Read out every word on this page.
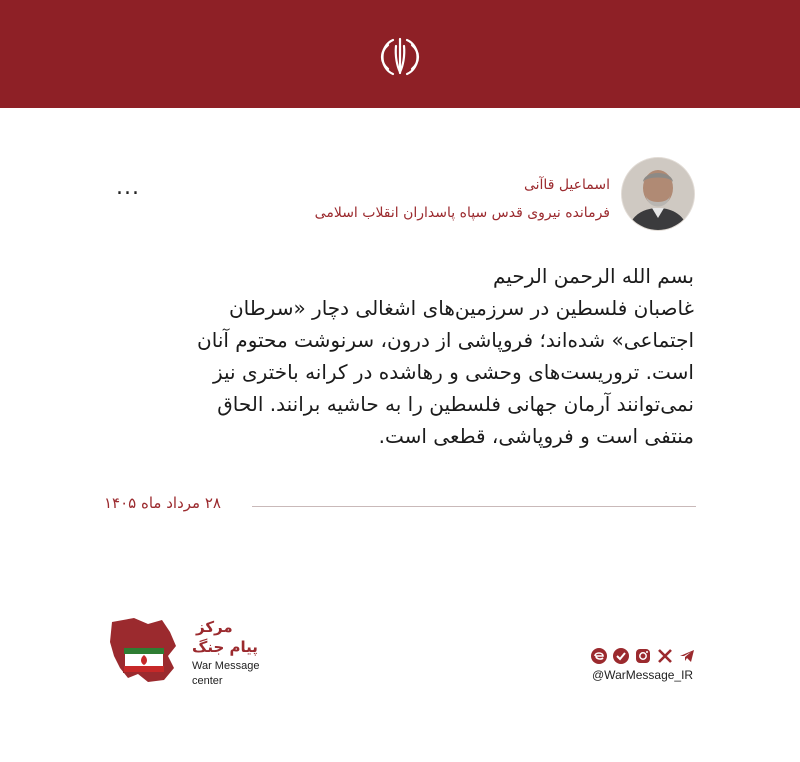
اسماعیل قاآنی
فرمانده نیروی قدس سپاه پاسداران انقلاب اسلامی
...

بسم الله الرحمن الرحیم

غاصبان فلسطین در سرزمین‌های اشغالی دچار «سرطان

اجتماعی» شده‌اند؛ فروپاشی از درون، سرنوشت محتوم آنان

است. تروریست‌های وحشی و رهاشده در کرانه باختری نیز

نمی‌توانند آرمان جهانی فلسطین را به حاشیه برانند. الحاق

منتفی است و فروپاشی، قطعی است.

۲۸ مرداد ماه ۱۴۰۵
مرکز
پیام جنگ
War Message
center	@WarMessage_IR
